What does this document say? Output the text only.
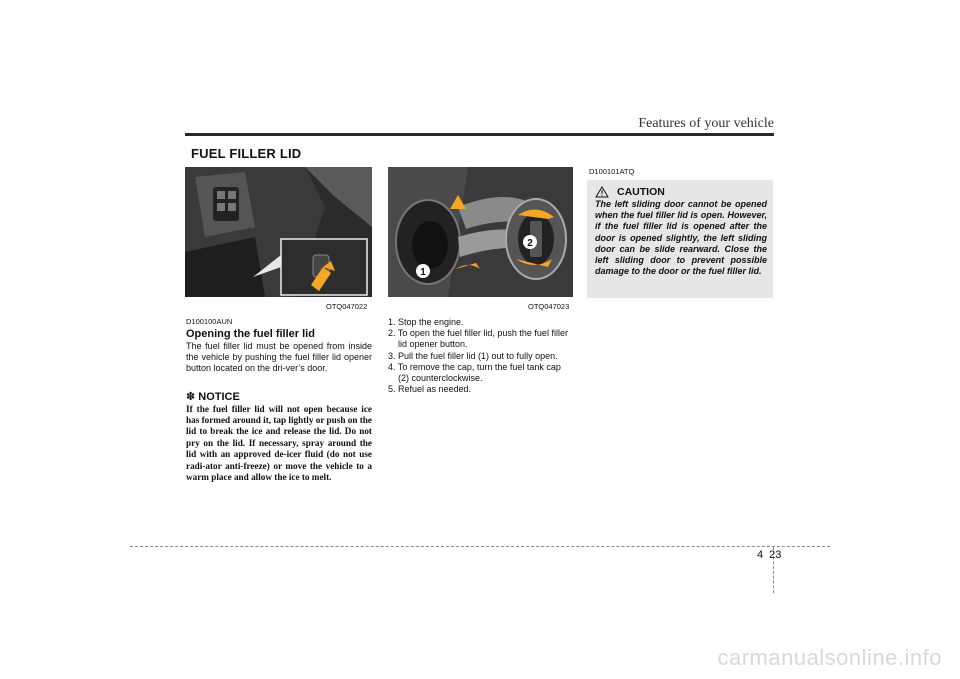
Features of your vehicle
FUEL FILLER LID
OTQ047022
1
2
OTQ047023
D100100AUN
Opening the fuel filler lid
The fuel filler lid must be opened from inside the vehicle by pushing the fuel filler lid opener button located on the dri-ver’s door.
✽ NOTICE
If the fuel filler lid will not open because ice has formed around it, tap lightly or push on the lid to break the ice and release the lid. Do not pry on the lid. If necessary, spray around the lid with an approved de-icer fluid (do not use radi-ator anti-freeze) or move the vehicle to a warm place and allow the ice to melt.
1. Stop the engine.
2. To open the fuel filler lid, push the fuel filler lid opener button.
3. Pull the fuel filler lid (1) out to fully open.
4. To remove the cap, turn the fuel tank cap (2) counterclockwise.
5. Refuel as needed.
D100101ATQ
CAUTION
The left sliding door cannot be opened when the fuel filler lid is open. However, if the fuel filler lid is opened after the door is opened slightly, the left sliding door can be slide rearward. Close the left sliding door to prevent possible damage to the door or the fuel filler lid.
4 23
carmanualsonline.info
